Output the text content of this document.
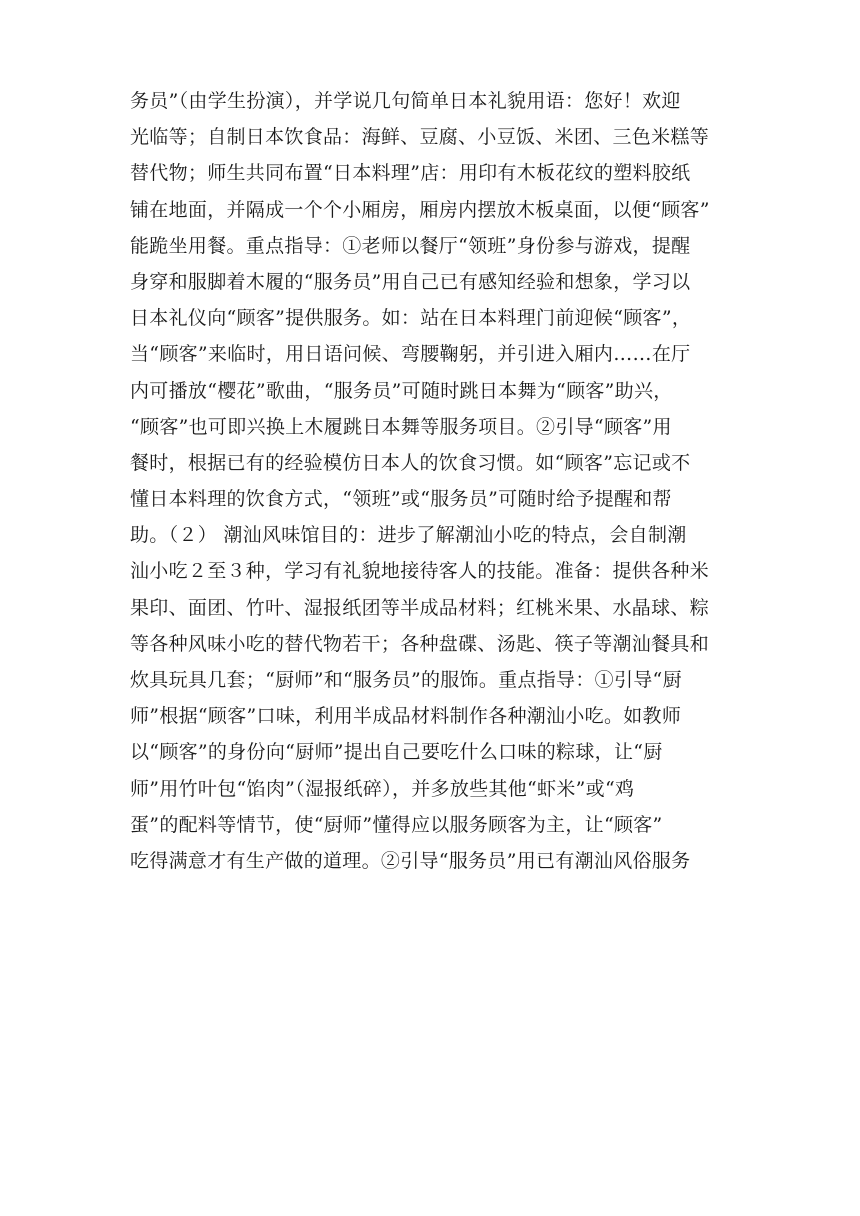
务员”（由学生扮演），并学说几句简单日本礼貌用语：您好！欢迎
光临等；自制日本饮食品：海鲜、豆腐、小豆饭、米团、三色米糕等
替代物；师生共同布置“日本料理”店：用印有木板花纹的塑料胶纸
铺在地面，并隔成一个个小厢房，厢房内摆放木板桌面，以便“顾客”
能跪坐用餐。重点指导：①老师以餐厅“领班”身份参与游戏，提醒
身穿和服脚着木履的“服务员”用自己已有感知经验和想象，学习以
日本礼仪向“顾客”提供服务。如：站在日本料理门前迎候“顾客”，
当“顾客”来临时，用日语问候、弯腰鞠躬，并引进入厢内……在厅
内可播放“樱花”歌曲，“服务员”可随时跳日本舞为“顾客”助兴，
“顾客”也可即兴换上木履跳日本舞等服务项目。②引导“顾客”用
餐时，根据已有的经验模仿日本人的饮食习惯。如“顾客”忘记或不
懂日本料理的饮食方式，“领班”或“服务员”可随时给予提醒和帮
助。（２） 潮汕风味馆目的：进步了解潮汕小吃的特点，会自制潮
汕小吃２至３种，学习有礼貌地接待客人的技能。准备：提供各种米
果印、面团、竹叶、湿报纸团等半成品材料；红桃米果、水晶球、粽
等各种风味小吃的替代物若干；各种盘碟、汤匙、筷子等潮汕餐具和
炊具玩具几套；“厨师”和“服务员”的服饰。重点指导：①引导“厨
师”根据“顾客”口味，利用半成品材料制作各种潮汕小吃。如教师
以“顾客”的身份向“厨师”提出自己要吃什么口味的粽球，让“厨
师”用竹叶包“馅肉”（湿报纸碎），并多放些其他“虾米”或“鸡
蛋”的配料等情节，使“厨师”懂得应以服务顾客为主，让“顾客”
吃得满意才有生产做的道理。②引导“服务员”用已有潮汕风俗服务
